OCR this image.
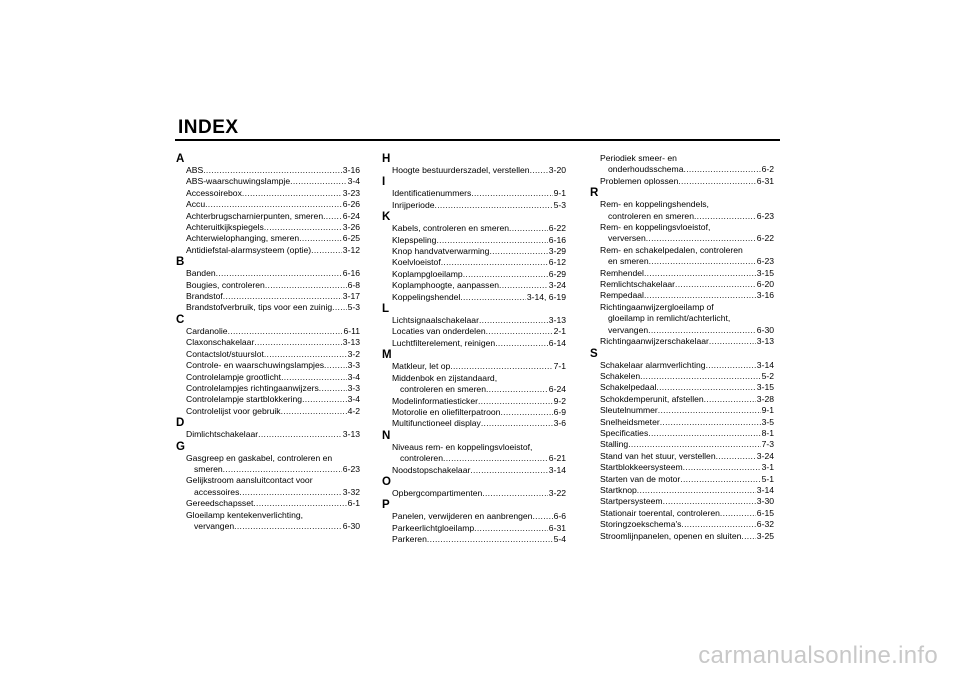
INDEX
A
ABS .....	3-16
ABS-waarschuwingslampje .....	3-4
Accessoirebox .....	3-23
Accu .....	6-26
Achterbrugscharnierpunten, smeren ..... 6-24
Achteruitkijkspiegels .....	3-26
Achterwielophanging, smeren .....	6-25
Antidiefstal-alarmsysteem (optie) .....	3-12
B
Banden .....	6-16
Bougies, controleren .....	6-8
Brandstof .....	3-17
Brandstofverbruik, tips voor een zuinig ..... 5-3
C
Cardanolie .....	6-11
Claxonschakelaar .....	3-13
Contactslot/stuurslot .....	3-2
Controle- en waarschuwingslampjes .....	3-3
Controlelampje grootlicht .....	3-4
Controlelampjes richtingaanwijzers .....	3-3
Controlelampje startblokkering .....	3-4
Controlelijst voor gebruik .....	4-2
D
Dimlichtschakelaar .....	3-13
G
Gasgreep en gaskabel, controleren en
smeren .....	6-23
Gelijkstroom aansluitcontact voor
accessoires .....	3-32
Gereedschapsset .....	6-1
Gloeilamp kentekenverlichting,
vervangen .....	6-30
H
Hoogte bestuurderszadel, verstellen ..... 3-20
I
Identificatienummers .....	9-1
Inrijperiode .....	5-3
K
Kabels, controleren en smeren .....	6-22
Klepspeling .....	6-16
Knop handvatverwarming .....	3-29
Koelvloeistof .....	6-12
Koplampgloeilamp .....	6-29
Koplamphoogte, aanpassen .....	3-24
Koppelingshendel .....	3-14, 6-19
L
Lichtsignaalschakelaar .....	3-13
Locaties van onderdelen .....	2-1
Luchtfilterelement, reinigen .....	6-14
M
Matkleur, let op .....	7-1
Middenbok en zijstandaard,
controleren en smeren .....	6-24
Modelinformatiesticker .....	9-2
Motorolie en oliefilterpatroon .....	6-9
Multifunctioneel display .....	3-6
N
Niveaus rem- en koppelingsvloeistof,
controleren .....	6-21
Noodstopschakelaar .....	3-14
O
Opbergcompartimenten .....	3-22
P
Panelen, verwijderen en aanbrengen ..... 6-6
Parkeerlichtgloeilamp .....	6-31
Parkeren .....	5-4
Periodiek smeer- en
onderhoudsschema .....	6-2
Problemen oplossen .....	6-31
R
Rem- en koppelingshendels,
controleren en smeren .....	6-23
Rem- en koppelingsvloeistof,
verversen .....	6-22
Rem- en schakelpedalen, controleren
en smeren .....	6-23
Remhendel .....	3-15
Remlichtschakelaar .....	6-20
Rempedaal .....	3-16
Richtingaanwijzergloeilamp of
gloeilamp in remlicht/achterlicht,
vervangen .....	6-30
Richtingaanwijzerschakelaar .....	3-13
S
Schakelaar alarmverlichting .....	3-14
Schakelen .....	5-2
Schakelpedaal .....	3-15
Schokdemperunit, afstellen .....	3-28
Sleutelnummer .....	9-1
Snelheidsmeter .....	3-5
Specificaties .....	8-1
Stalling .....	7-3
Stand van het stuur, verstellen .....	3-24
Startblokkeersysteem .....	3-1
Starten van de motor .....	5-1
Startknop .....	3-14
Startpersysteem .....	3-30
Stationair toerental, controleren .....	6-15
Storingzoekschema's .....	6-32
Stroomlijnpanelen, openen en sluiten ..... 3-25
carmanualsonline.info
